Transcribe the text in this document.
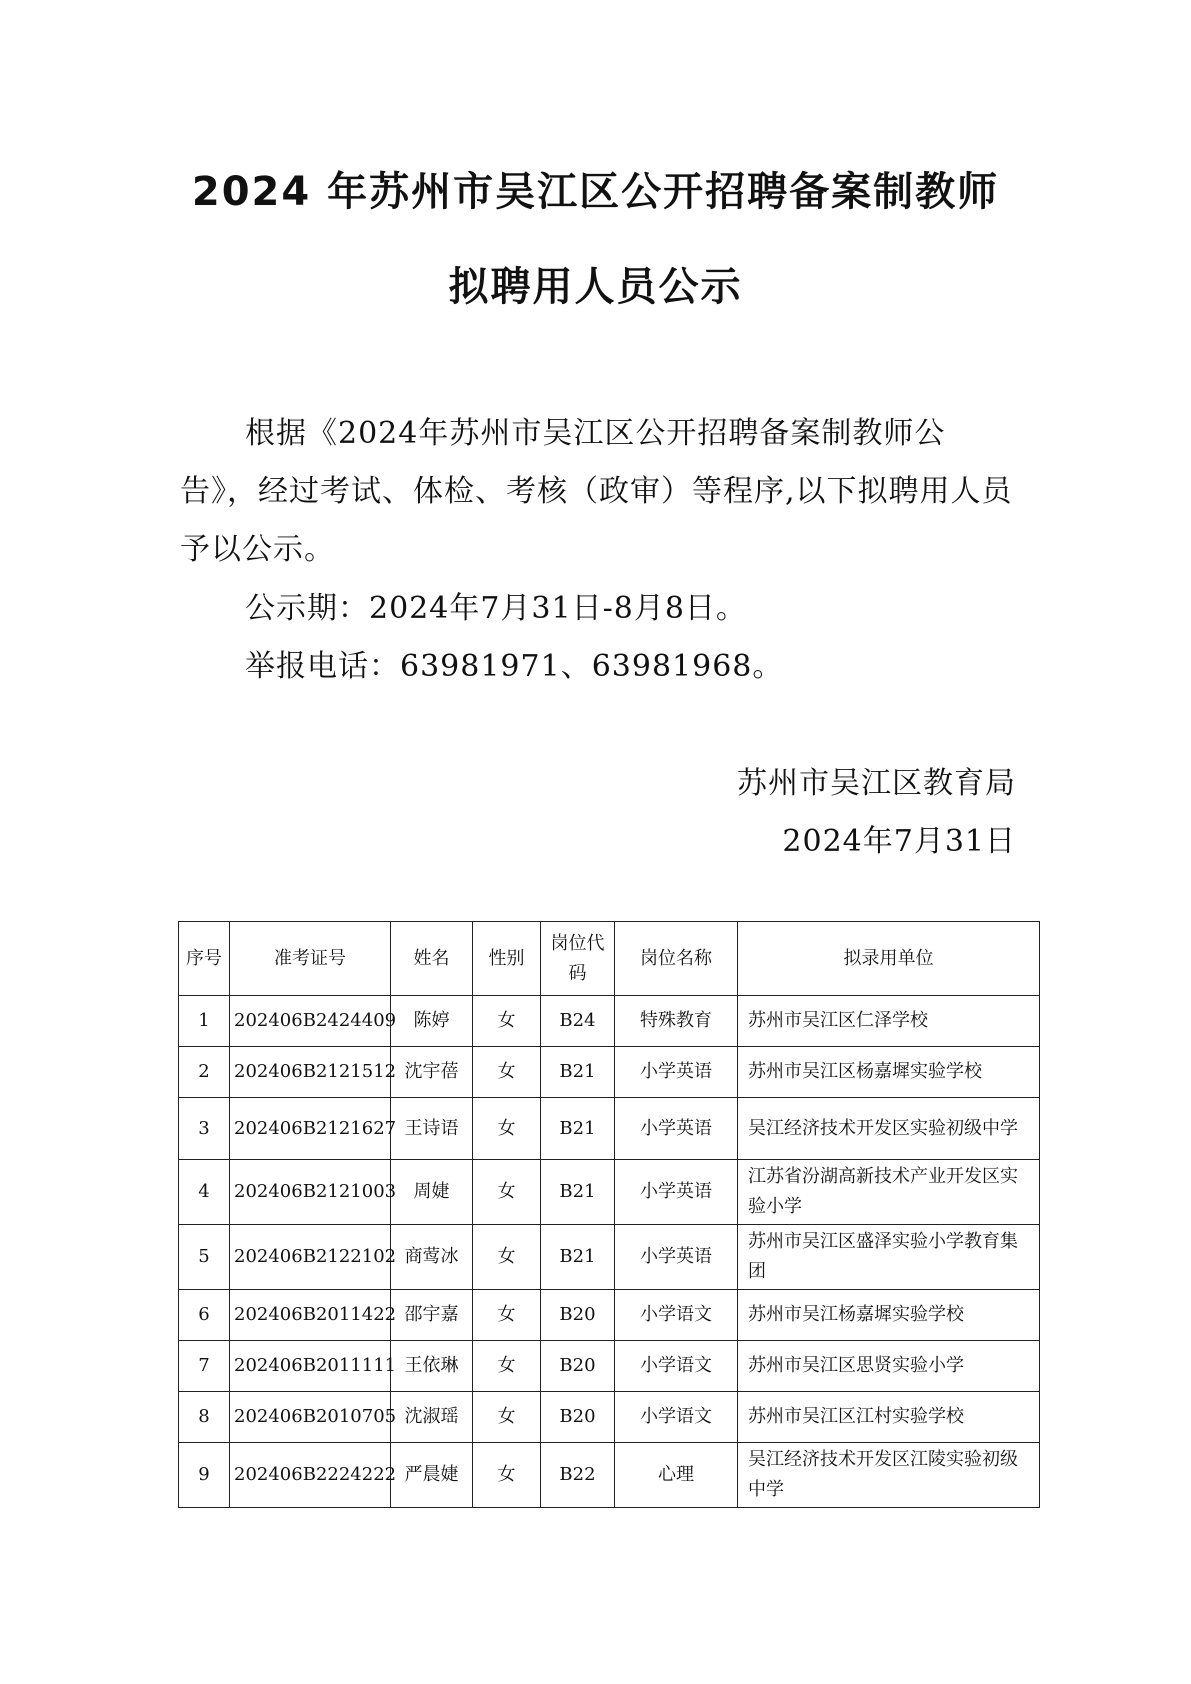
2024 年苏州市吴江区公开招聘备案制教师
拟聘用人员公示
根据《2024年苏州市吴江区公开招聘备案制教师公告》，经过考试、体检、考核（政审）等程序,以下拟聘用人员予以公示。
公示期：2024年7月31日-8月8日。
举报电话：63981971、63981968。
苏州市吴江区教育局
2024年7月31日
序号	准考证号	姓名	性别	岗位代码	岗位名称	拟录用单位
1	202406B2424409	陈婷	女	B24	特殊教育	苏州市吴江区仁泽学校
2	202406B2121512	沈宇蓓	女	B21	小学英语	苏州市吴江区杨嘉墀实验学校
3	202406B2121627	王诗语	女	B21	小学英语	吴江经济技术开发区实验初级中学
4	202406B2121003	周婕	女	B21	小学英语	江苏省汾湖高新技术产业开发区实验小学
5	202406B2122102	商莺冰	女	B21	小学英语	苏州市吴江区盛泽实验小学教育集团
6	202406B2011422	邵宇嘉	女	B20	小学语文	苏州市吴江杨嘉墀实验学校
7	202406B2011111	王依琳	女	B20	小学语文	苏州市吴江区思贤实验小学
8	202406B2010705	沈淑瑶	女	B20	小学语文	苏州市吴江区江村实验学校
9	202406B2224222	严晨婕	女	B22	心理	吴江经济技术开发区江陵实验初级中学
